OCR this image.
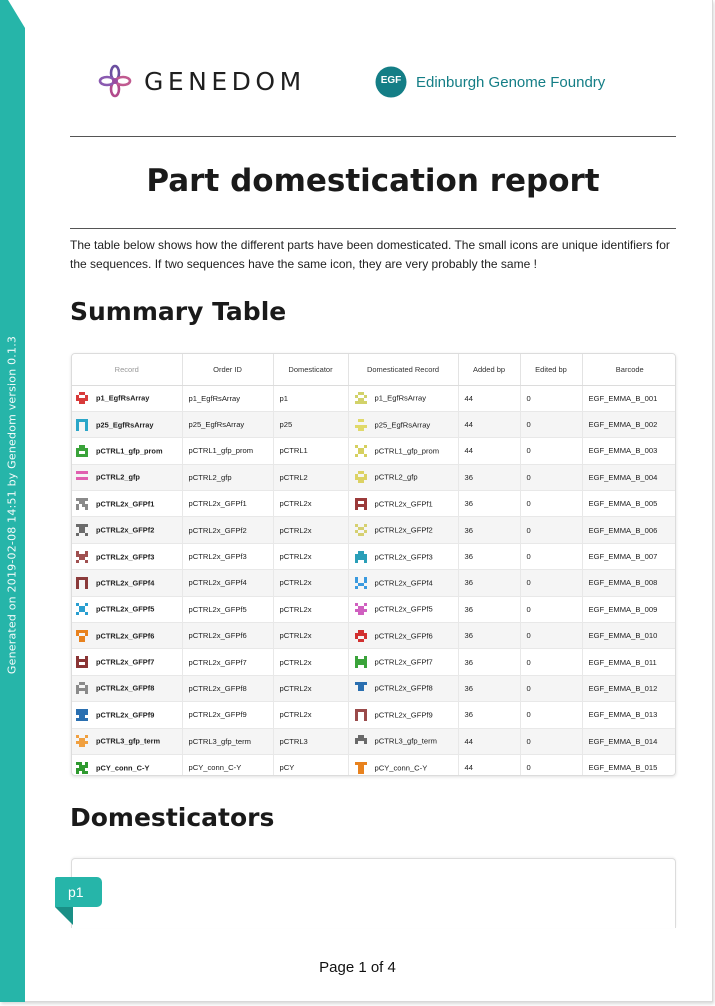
Generated on 2019-02-08 14:51 by Genedom version 0.1.3
GENEDOM	EGF Edinburgh Genome Foundry
Part domestication report

The table below shows how the different parts have been domesticated. The small icons are unique identifiers for the sequences. If two sequences have the same icon, they are very probably the same !

Summary Table
Record	Order ID	Domesticator	Domesticated Record	Added bp	Edited bp	Barcode

p1_EgfRsArray	p1_EgfRsArray	p1	p1_EgfRsArray	44	0	EGF_EMMA_B_001

p25_EgfRsArray	p25_EgfRsArray	p25	p25_EgfRsArray	44	0	EGF_EMMA_B_002

pCTRL1_gfp_prom	pCTRL1_gfp_prom	pCTRL1	pCTRL1_gfp_prom	44	0	EGF_EMMA_B_003

pCTRL2_gfp	pCTRL2_gfp	pCTRL2	pCTRL2_gfp	36	0	EGF_EMMA_B_004

pCTRL2x_GFPf1	pCTRL2x_GFPf1	pCTRL2x	pCTRL2x_GFPf1	36	0	EGF_EMMA_B_005

pCTRL2x_GFPf2	pCTRL2x_GFPf2	pCTRL2x	pCTRL2x_GFPf2	36	0	EGF_EMMA_B_006

pCTRL2x_GFPf3	pCTRL2x_GFPf3	pCTRL2x	pCTRL2x_GFPf3	36	0	EGF_EMMA_B_007

pCTRL2x_GFPf4	pCTRL2x_GFPf4	pCTRL2x	pCTRL2x_GFPf4	36	0	EGF_EMMA_B_008

pCTRL2x_GFPf5	pCTRL2x_GFPf5	pCTRL2x	pCTRL2x_GFPf5	36	0	EGF_EMMA_B_009

pCTRL2x_GFPf6	pCTRL2x_GFPf6	pCTRL2x	pCTRL2x_GFPf6	36	0	EGF_EMMA_B_010

pCTRL2x_GFPf7	pCTRL2x_GFPf7	pCTRL2x	pCTRL2x_GFPf7	36	0	EGF_EMMA_B_011

pCTRL2x_GFPf8	pCTRL2x_GFPf8	pCTRL2x	pCTRL2x_GFPf8	36	0	EGF_EMMA_B_012

pCTRL2x_GFPf9	pCTRL2x_GFPf9	pCTRL2x	pCTRL2x_GFPf9	36	0	EGF_EMMA_B_013

pCTRL3_gfp_term	pCTRL3_gfp_term	pCTRL3	pCTRL3_gfp_term	44	0	EGF_EMMA_B_014

pCY_conn_C-Y	pCY_conn_C-Y	pCY	pCY_conn_C-Y	44	0	EGF_EMMA_B_015
Domesticators
p1
Page 1 of 4
